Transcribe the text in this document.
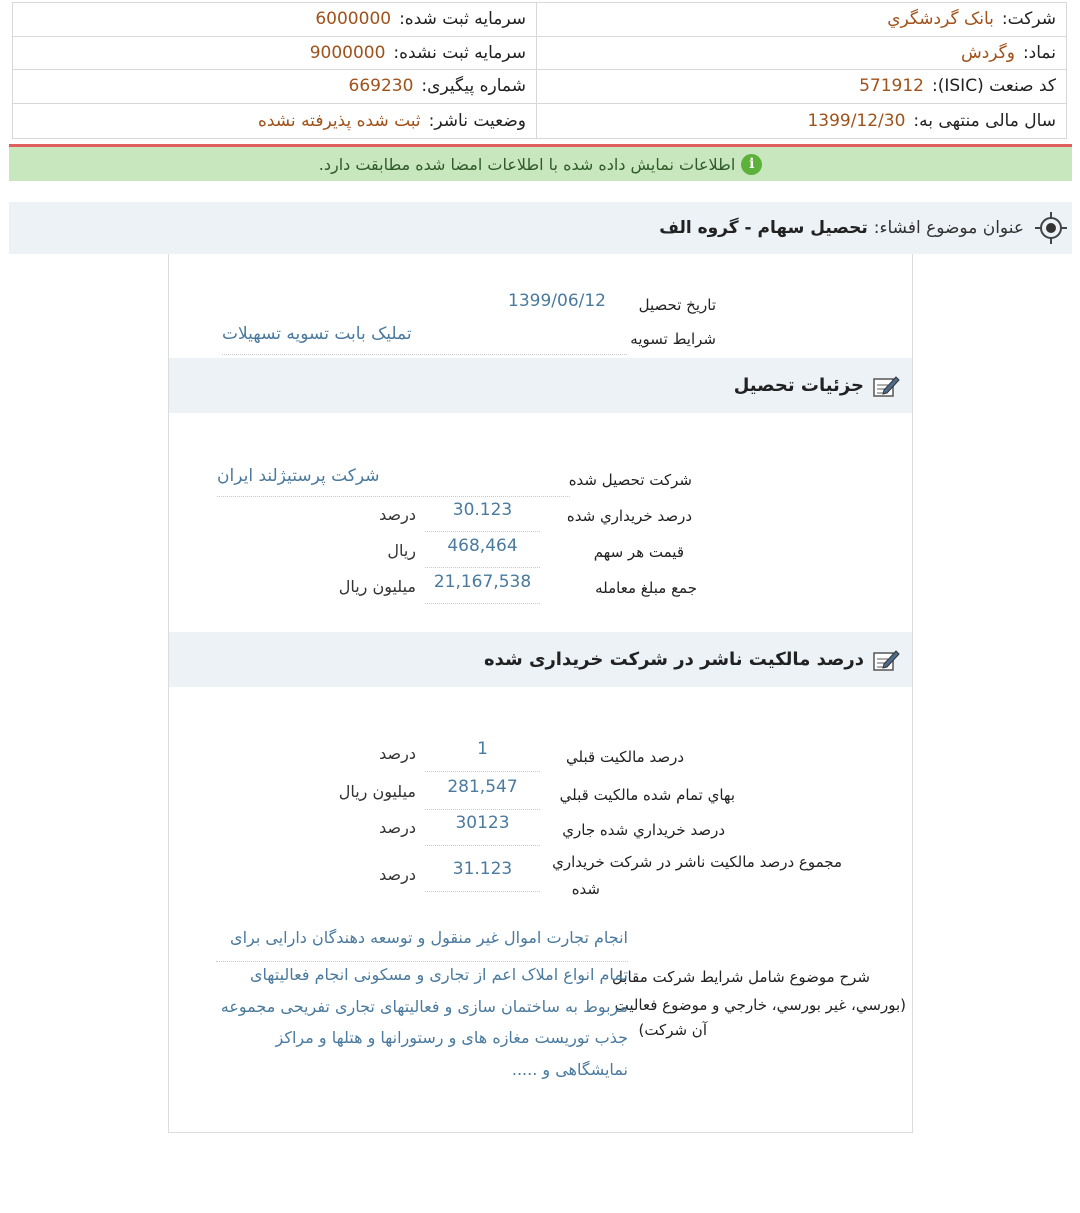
شرکت:
بانک گردشگري
سرمایه ثبت شده:
6000000
نماد:
وگردش
سرمایه ثبت نشده:
9000000
کد صنعت (ISIC):
571912
شماره پیگیری:
669230
سال مالی منتهی به:
1399/12/30
وضعیت ناشر:
ثبت شده پذیرفته نشده
i
اطلاعات نمایش داده شده با اطلاعات امضا شده مطابقت دارد.
عنوان موضوع افشاء:
تحصیل سهام - گروه الف
تاريخ تحصيل
1399/06/12
شرايط تسويه
تملیک بابت تسویه تسهیلات
جزئيات تحصيل
شرکت تحصيل شده
شرکت پرستیژلند ایران
درصد خريداري شده
30.123
درصد
قيمت هر سهم
468,464
ريال
جمع مبلغ معامله
21,167,538
ميليون ريال
درصد مالکيت ناشر در شرکت خريداری شده
درصد مالکيت قبلي
1
درصد
بهاي تمام شده مالکيت قبلي
281,547
ميليون ريال
درصد خريداري شده جاري
30123
درصد
مجموع درصد مالکيت ناشر در شرکت خريداري
شده
31.123
درصد
شرح موضوع شامل شرايط شرکت مقابل
(بورسي، غير بورسي، خارجي و موضوع فعاليت
آن شرکت)
انجام تجارت اموال غیر منقول و توسعه دهندگان دارایی برای
تمام انواع املاک اعم از تجاری و مسکونی انجام فعالیتهای
مربوط به ساختمان سازی و فعالیتهای تجاری تفریحی مجموعه
جذب توریست مغازه های و رستورانها و هتلها و مراکز
نمایشگاهی و .....
